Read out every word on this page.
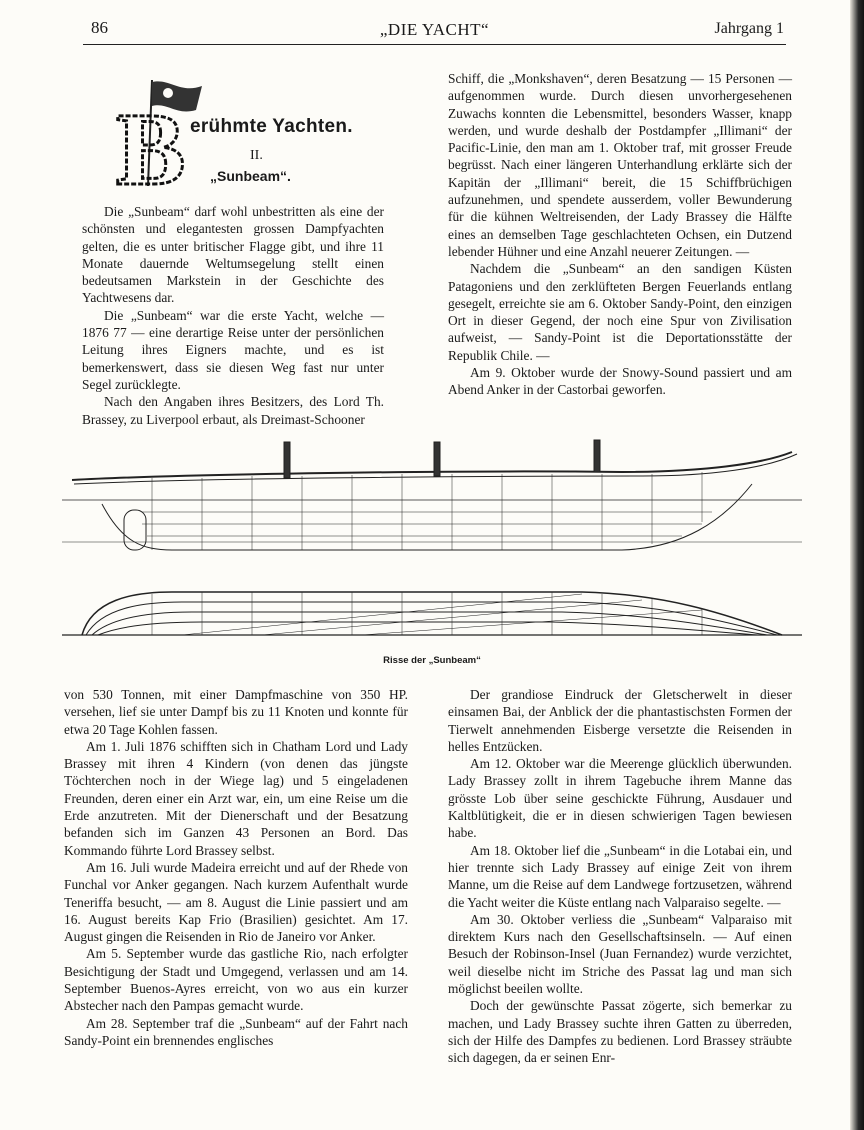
86	„DIE YACHT“	Jahrgang 1
B erühmte Yachten.
II.
„Sunbeam“.

Die „Sunbeam“ darf wohl unbestritten als eine der schönsten und elegantesten grossen Dampfyachten gelten, die es unter britischer Flagge gibt, und ihre 11 Monate dauernde Weltumsegelung stellt einen bedeutsamen Markstein in der Geschichte des Yachtwesens dar.

Die „Sunbeam“ war die erste Yacht, welche — 1876 77 — eine derartige Reise unter der persönlichen Leitung ihres Eigners machte, und es ist bemerkenswert, dass sie diesen Weg fast nur unter Segel zurücklegte.

Nach den Angaben ihres Besitzers, des Lord Th. Brassey, zu Liverpool erbaut, als Dreimast-Schooner

Schiff, die „Monkshaven“, deren Besatzung — 15 Personen — aufgenommen wurde. Durch diesen unvorhergesehenen Zuwachs konnten die Lebensmittel, besonders Wasser, knapp werden, und wurde deshalb der Postdampfer „Illimani“ der Pacific-Linie, den man am 1. Oktober traf, mit grosser Freude begrüsst. Nach einer längeren Unterhandlung erklärte sich der Kapitän der „Illimani“ bereit, die 15 Schiffbrüchigen aufzunehmen, und spendete ausserdem, voller Bewunderung für die kühnen Weltreisenden, der Lady Brassey die Hälfte eines an demselben Tage geschlachteten Ochsen, ein Dutzend lebender Hühner und eine Anzahl neuerer Zeitungen. —

Nachdem die „Sunbeam“ an den sandigen Küsten Patagoniens und den zerklüfteten Bergen Feuerlands entlang gesegelt, erreichte sie am 6. Oktober Sandy-Point, den einzigen Ort in dieser Gegend, der noch eine Spur von Zivilisation aufweist, — Sandy-Point ist die Deportationsstätte der Republik Chile. —

Am 9. Oktober wurde der Snowy-Sound passiert und am Abend Anker in der Castorbai geworfen.

Risse der „Sunbeam“

von 530 Tonnen, mit einer Dampfmaschine von 350 HP. versehen, lief sie unter Dampf bis zu 11 Knoten und konnte für etwa 20 Tage Kohlen fassen.

Am 1. Juli 1876 schifften sich in Chatham Lord und Lady Brassey mit ihren 4 Kindern (von denen das jüngste Töchterchen noch in der Wiege lag) und 5 eingeladenen Freunden, deren einer ein Arzt war, ein, um eine Reise um die Erde anzutreten. Mit der Dienerschaft und der Besatzung befanden sich im Ganzen 43 Personen an Bord. Das Kommando führte Lord Brassey selbst.

Am 16. Juli wurde Madeira erreicht und auf der Rhede von Funchal vor Anker gegangen. Nach kurzem Aufenthalt wurde Teneriffa besucht, — am 8. August die Linie passiert und am 16. August bereits Kap Frio (Brasilien) gesichtet. Am 17. August gingen die Reisenden in Rio de Janeiro vor Anker.

Am 5. September wurde das gastliche Rio, nach erfolgter Besichtigung der Stadt und Umgegend, verlassen und am 14. September Buenos-Ayres erreicht, von wo aus ein kurzer Abstecher nach den Pampas gemacht wurde.

Am 28. September traf die „Sunbeam“ auf der Fahrt nach Sandy-Point ein brennendes englisches

Der grandiose Eindruck der Gletscherwelt in dieser einsamen Bai, der Anblick der die phantastischsten Formen der Tierwelt annehmenden Eisberge versetzte die Reisenden in helles Entzücken.

Am 12. Oktober war die Meerenge glücklich überwunden. Lady Brassey zollt in ihrem Tagebuche ihrem Manne das grösste Lob über seine geschickte Führung, Ausdauer und Kaltblütigkeit, die er in diesen schwierigen Tagen bewiesen habe.

Am 18. Oktober lief die „Sunbeam“ in die Lotabai ein, und hier trennte sich Lady Brassey auf einige Zeit von ihrem Manne, um die Reise auf dem Landwege fortzusetzen, während die Yacht weiter die Küste entlang nach Valparaiso segelte. —

Am 30. Oktober verliess die „Sunbeam“ Valparaiso mit direktem Kurs nach den Gesellschaftsinseln. — Auf einen Besuch der Robinson-Insel (Juan Fernandez) wurde verzichtet, weil dieselbe nicht im Striche des Passat lag und man sich möglichst beeilen wollte.

Doch der gewünschte Passat zögerte, sich bemerkar zu machen, und Lady Brassey suchte ihren Gatten zu überreden, sich der Hilfe des Dampfes zu bedienen. Lord Brassey sträubte sich dagegen, da er seinen Enr-
